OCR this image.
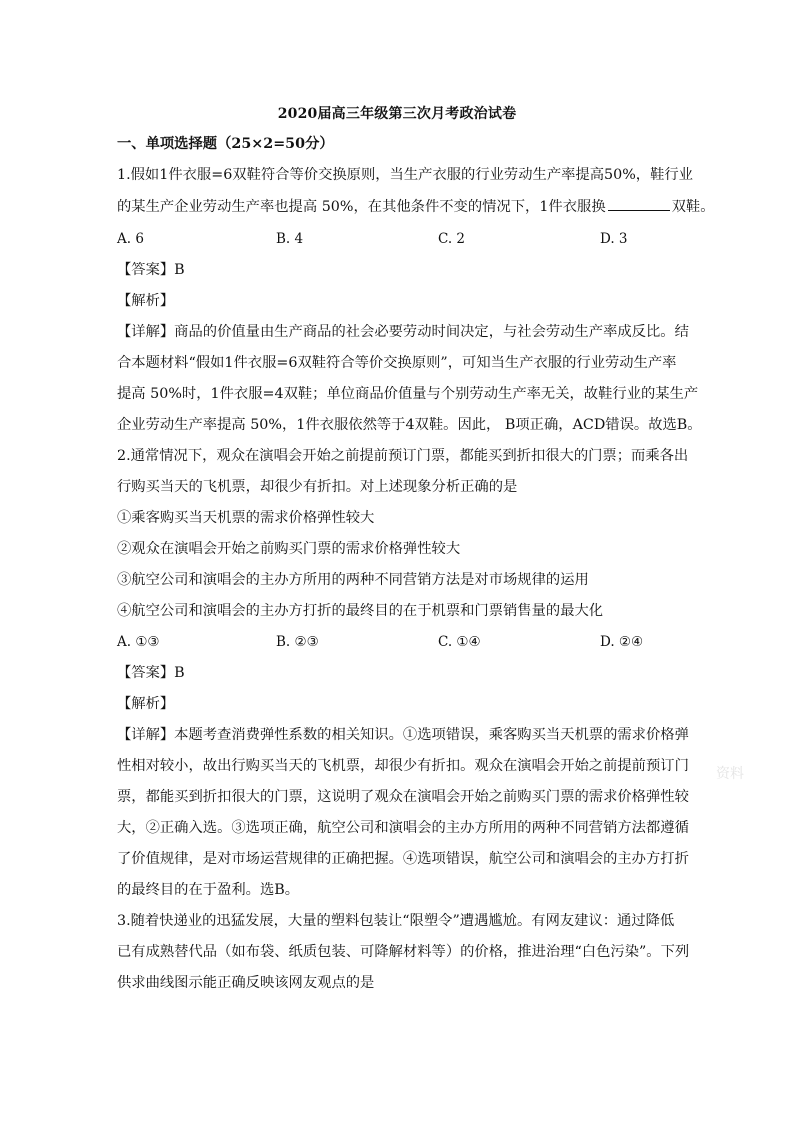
2020届高三年级第三次月考政治试卷
一、单项选择题（25×2=50分）
1.假如1件衣服=6双鞋符合等价交换原则，当生产衣服的行业劳动生产率提高50%，鞋行业
的某生产企业劳动生产率也提高 50%，在其他条件不变的情况下，1件衣服换	双鞋。
A. 6	B. 4	C. 2	D. 3
【答案】B
【解析】
【详解】商品的价值量由生产商品的社会必要劳动时间决定，与社会劳动生产率成反比。结
合本题材料“假如1件衣服=6双鞋符合等价交换原则”，可知当生产衣服的行业劳动生产率
提高 50%时，1件衣服=4双鞋；单位商品价值量与个别劳动生产率无关，故鞋行业的某生产
企业劳动生产率提高 50%，1件衣服依然等于4双鞋。因此， B项正确，ACD错误。故选B。
2.通常情况下，观众在演唱会开始之前提前预订门票，都能买到折扣很大的门票；而乘各出
行购买当天的飞机票，却很少有折扣。对上述现象分析正确的是
①乘客购买当天机票的需求价格弹性较大
②观众在演唱会开始之前购买门票的需求价格弹性较大
③航空公司和演唱会的主办方所用的两种不同营销方法是对市场规律的运用
④航空公司和演唱会的主办方打折的最终目的在于机票和门票销售量的最大化
A. ①③	B. ②③	C. ①④	D. ②④
【答案】B
【解析】
【详解】本题考查消费弹性系数的相关知识。①选项错误，乘客购买当天机票的需求价格弹
性相对较小，故出行购买当天的飞机票，却很少有折扣。观众在演唱会开始之前提前预订门
票，都能买到折扣很大的门票，这说明了观众在演唱会开始之前购买门票的需求价格弹性较
大，②正确入选。③选项正确，航空公司和演唱会的主办方所用的两种不同营销方法都遵循
了价值规律，是对市场运营规律的正确把握。④选项错误，航空公司和演唱会的主办方打折
的最终目的在于盈利。选B。
3.随着快递业的迅猛发展，大量的塑料包装让“限塑令”遭遇尴尬。有网友建议：通过降低
已有成熟替代品（如布袋、纸质包装、可降解材料等）的价格，推进治理“白色污染”。下列
供求曲线图示能正确反映该网友观点的是
资料
